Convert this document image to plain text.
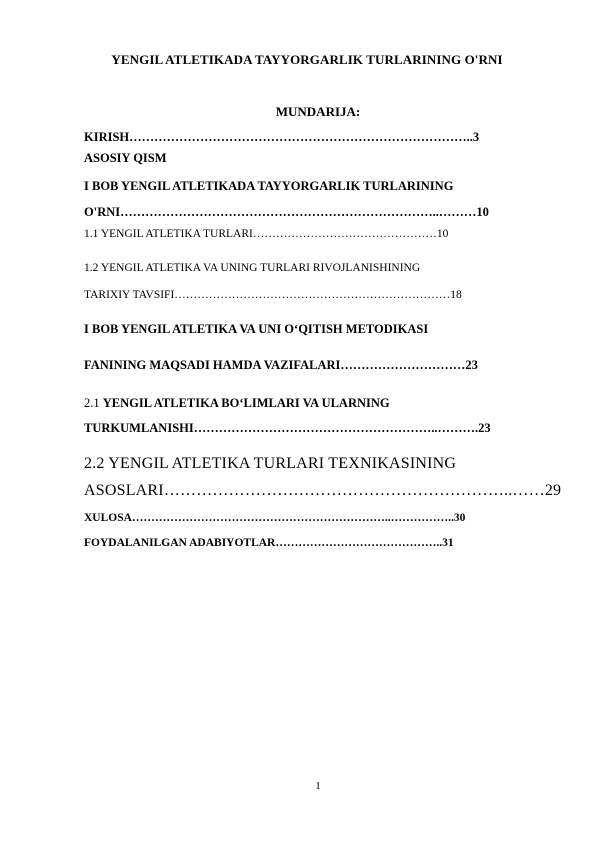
YENGIL ATLETIKADA TAYYORGARLIK TURLARINING O'RNI
MUNDARIJA:
KIRISH………………………………………………………………………..3
ASOSIY QISM
I BOB YENGIL ATLETIKADA TAYYORGARLIK TURLARINING
O'RNI…………………………………………………………………..………10
1.1 YENGIL ATLETIKA TURLARI…………………………………………10
1.2 YENGIL ATLETIKA VA UNING TURLARI RIVOJLANISHINING
TARIXIY TAVSIFI………………………………………………………………18
I BOB YENGIL ATLETIKA VA UNI O‘QITISH METODIKASI
FANINING MAQSADI HAMDA VAZIFALARI…………………………23
2.1 YENGIL ATLETIKA BO‘LIMLARI VA ULARNING
TURKUMLANISHI…………………………………………………..……….23
2.2 YENGIL ATLETIKA TURLARI TEXNIKASINING
ASOSLARI………………………………………………………..……29
XULOSA…………………………………………………………..……………..30
FOYDALANILGAN ADABIYOTLAR……………………………………..31
1
